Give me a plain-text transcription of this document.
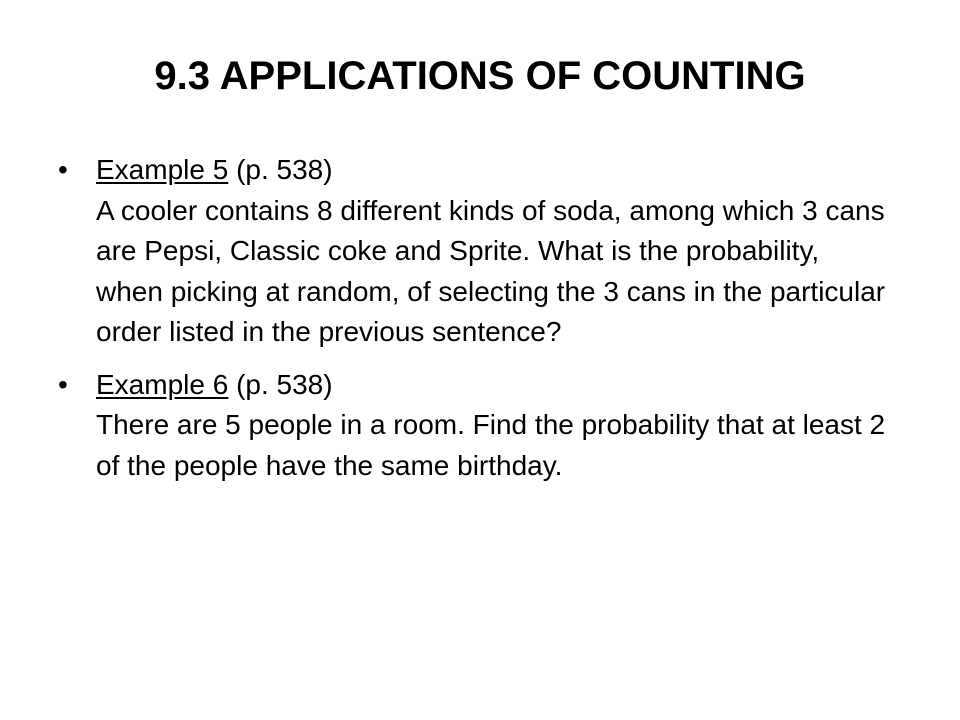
9.3 APPLICATIONS OF COUNTING
• Example 5 (p. 538)
A cooler contains 8 different kinds of soda, among which 3 cans are Pepsi, Classic coke and Sprite. What is the probability, when picking at random, of selecting the 3 cans in the particular order listed in the previous sentence?
• Example 6 (p. 538)
There are 5 people in a room. Find the probability that at least 2 of the people have the same birthday.
